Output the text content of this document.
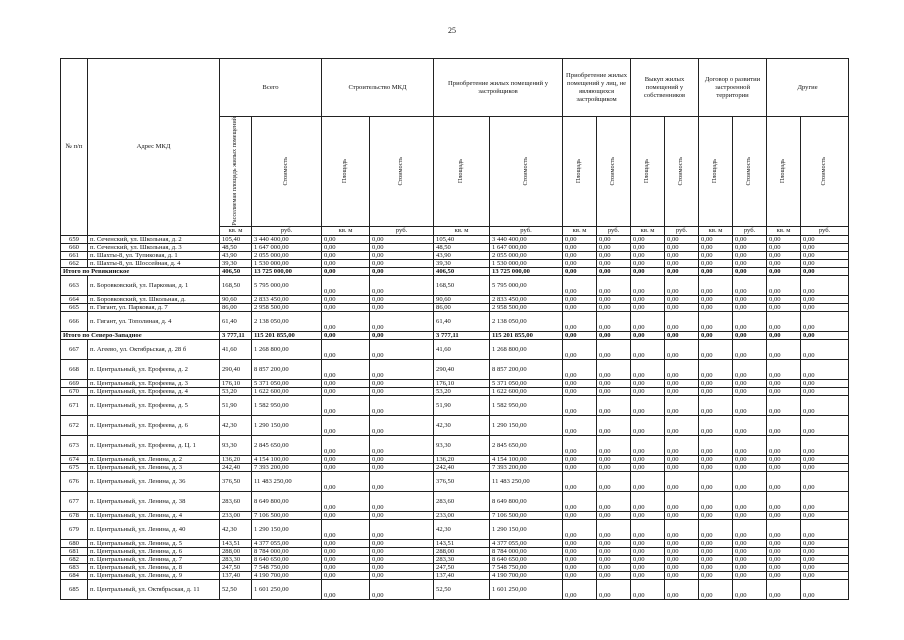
25
№ п/п	Адрес МКД	Всего		Строительство МКД		Приобретение жилых помещений у застройщиков		Приобретение жилых помещений у лиц, не являющихся застройщиком		Выкуп жилых помещений у собственников		Договор о развитии застроенной территории		Другие	

		Расселяемая площадь жилых помещений	Стоимость	Площадь	Стоимость	Площадь	Стоимость	Площадь	Стоимость	Площадь	Стоимость	Площадь	Стоимость	Площадь	Стоимость

		кв. м	руб.	кв. м	руб.	кв. м	руб.	кв. м	руб.	кв. м	руб.	кв. м	руб.	кв. м	руб.
659	п. Сеченский, ул. Школьная, д. 2	105,40	3 440 400,00	0,00	0,00	105,40	3 440 400,00	0,00	0,00	0,00	0,00	0,00	0,00	0,00	0,00
660	п. Сеченский, ул. Школьная, д. 3	48,50	1 647 000,00	0,00	0,00	48,50	1 647 000,00	0,00	0,00	0,00	0,00	0,00	0,00	0,00	0,00
661	п. Шахты-8, ул. Тупиковая, д. 1	43,90	2 055 000,00	0,00	0,00	43,90	2 055 000,00	0,00	0,00	0,00	0,00	0,00	0,00	0,00	0,00
662	п. Шахты-8, ул. Шоссейная, д. 4	39,30	1 530 000,00	0,00	0,00	39,30	1 530 000,00	0,00	0,00	0,00	0,00	0,00	0,00	0,00	0,00
Итого по Ревякинское		406,50	13 725 000,00	0,00	0,00	406,50	13 725 000,00	0,00	0,00	0,00	0,00	0,00	0,00	0,00	0,00
663	п. Боровковский, ул. Парковая, д. 1	168,50	5 795 000,00	0,00	0,00	168,50	5 795 000,00	0,00	0,00	0,00	0,00	0,00	0,00	0,00	0,00
664	п. Боровковский, ул. Школьная, д.	90,60	2 833 450,00	0,00	0,00	90,60	2 833 450,00	0,00	0,00	0,00	0,00	0,00	0,00	0,00	0,00
665	п. Гигант, ул. Парковая, д. 7	86,00	2 958 500,00	0,00	0,00	86,00	2 958 500,00	0,00	0,00	0,00	0,00	0,00	0,00	0,00	0,00
666	п. Гигант, ул. Тополиная, д. 4	61,40	2 138 050,00	0,00	0,00	61,40	2 138 050,00	0,00	0,00	0,00	0,00	0,00	0,00	0,00	0,00
Итого по Северо-Западное		3 777,11	115 201 855,00	0,00	0,00	3 777,11	115 201 855,00	0,00	0,00	0,00	0,00	0,00	0,00	0,00	0,00
667	п. Агеево, ул. Октябрьская, д. 28 б	41,60	1 268 800,00	0,00	0,00	41,60	1 268 800,00	0,00	0,00	0,00	0,00	0,00	0,00	0,00	0,00
668	п. Центральный, ул. Ерофеева, д. 2	290,40	8 857 200,00	0,00	0,00	290,40	8 857 200,00	0,00	0,00	0,00	0,00	0,00	0,00	0,00	0,00
669	п. Центральный, ул. Ерофеева, д. 3	176,10	5 371 050,00	0,00	0,00	176,10	5 371 050,00	0,00	0,00	0,00	0,00	0,00	0,00	0,00	0,00
670	п. Центральный, ул. Ерофеева, д. 4	53,20	1 622 600,00	0,00	0,00	53,20	1 622 600,00	0,00	0,00	0,00	0,00	0,00	0,00	0,00	0,00
671	п. Центральный, ул. Ерофеева, д. 5	51,90	1 582 950,00	0,00	0,00	51,90	1 582 950,00	0,00	0,00	0,00	0,00	0,00	0,00	0,00	0,00
672	п. Центральный, ул. Ерофеева, д. 6	42,30	1 290 150,00	0,00	0,00	42,30	1 290 150,00	0,00	0,00	0,00	0,00	0,00	0,00	0,00	0,00
673	п. Центральный, ул. Ерофеева, д. Ц. 1	93,30	2 845 650,00	0,00	0,00	93,30	2 845 650,00	0,00	0,00	0,00	0,00	0,00	0,00	0,00	0,00
674	п. Центральный, ул. Ленина, д. 2	136,20	4 154 100,00	0,00	0,00	136,20	4 154 100,00	0,00	0,00	0,00	0,00	0,00	0,00	0,00	0,00
675	п. Центральный, ул. Ленина, д. 3	242,40	7 393 200,00	0,00	0,00	242,40	7 393 200,00	0,00	0,00	0,00	0,00	0,00	0,00	0,00	0,00
676	п. Центральный, ул. Ленина, д. 36	376,50	11 483 250,00	0,00	0,00	376,50	11 483 250,00	0,00	0,00	0,00	0,00	0,00	0,00	0,00	0,00
677	п. Центральный, ул. Ленина, д. 38	283,60	8 649 800,00	0,00	0,00	283,60	8 649 800,00	0,00	0,00	0,00	0,00	0,00	0,00	0,00	0,00
678	п. Центральный, ул. Ленина, д. 4	233,00	7 106 500,00	0,00	0,00	233,00	7 106 500,00	0,00	0,00	0,00	0,00	0,00	0,00	0,00	0,00
679	п. Центральный, ул. Ленина, д. 40	42,30	1 290 150,00	0,00	0,00	42,30	1 290 150,00	0,00	0,00	0,00	0,00	0,00	0,00	0,00	0,00
680	п. Центральный, ул. Ленина, д. 5	143,51	4 377 055,00	0,00	0,00	143,51	4 377 055,00	0,00	0,00	0,00	0,00	0,00	0,00	0,00	0,00
681	п. Центральный, ул. Ленина, д. 6	288,00	8 784 000,00	0,00	0,00	288,00	8 784 000,00	0,00	0,00	0,00	0,00	0,00	0,00	0,00	0,00
682	п. Центральный, ул. Ленина, д. 7	283,30	8 640 650,00	0,00	0,00	283,30	8 640 650,00	0,00	0,00	0,00	0,00	0,00	0,00	0,00	0,00
683	п. Центральный, ул. Ленина, д. 8	247,50	7 548 750,00	0,00	0,00	247,50	7 548 750,00	0,00	0,00	0,00	0,00	0,00	0,00	0,00	0,00
684	п. Центральный, ул. Ленина, д. 9	137,40	4 190 700,00	0,00	0,00	137,40	4 190 700,00	0,00	0,00	0,00	0,00	0,00	0,00	0,00	0,00
685	п. Центральный, ул. Октябрьская, д. 11	52,50	1 601 250,00	0,00	0,00	52,50	1 601 250,00	0,00	0,00	0,00	0,00	0,00	0,00	0,00	0,00
